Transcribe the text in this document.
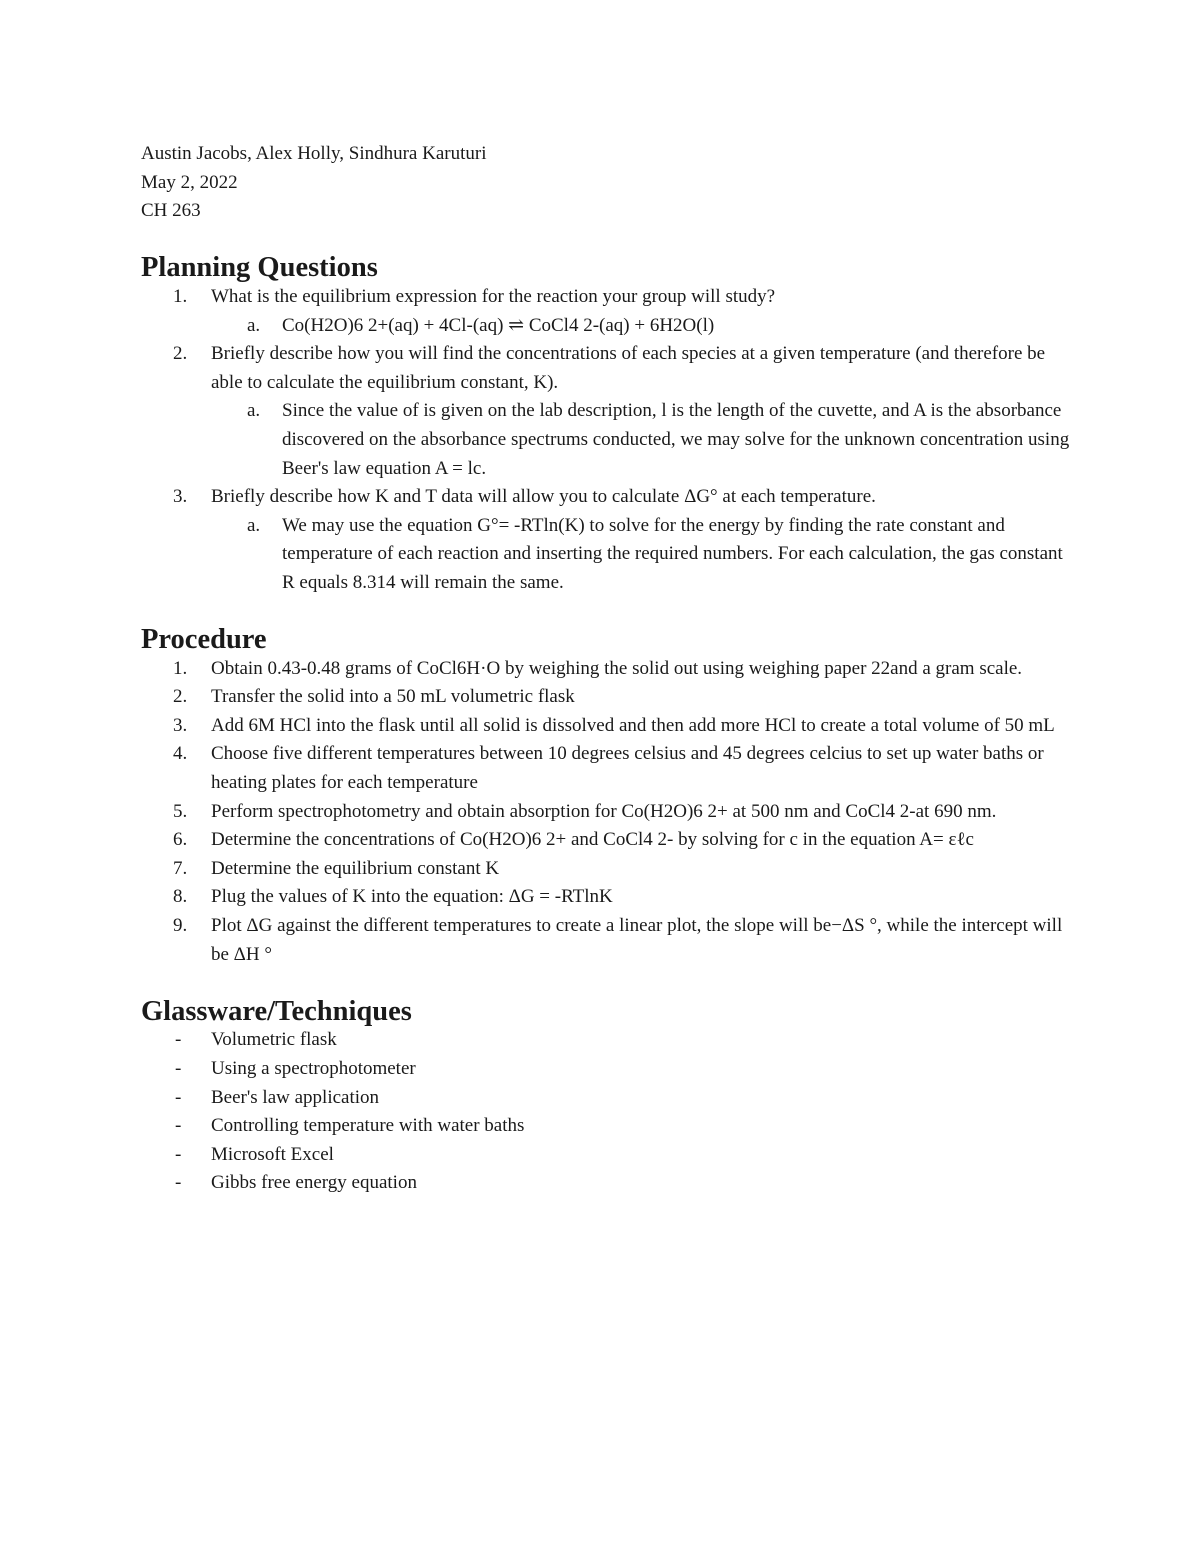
Austin Jacobs, Alex Holly, Sindhura Karuturi

May 2, 2022

CH 263

Planning Questions
1. What is the equilibrium expression for the reaction your group will study?
a. Co(H2O)6 2+(aq) + 4Cl-(aq) ⇌ CoCl4 2-(aq) + 6H2O(l)
2. Briefly describe how you will find the concentrations of each species at a given temperature (and therefore be able to calculate the equilibrium constant, K).
a. Since the value of is given on the lab description, l is the length of the cuvette, and A is the absorbance discovered on the absorbance spectrums conducted, we may solve for the unknown concentration using Beer's law equation A = lc.
3. Briefly describe how K and T data will allow you to calculate ΔG° at each temperature.
a. We may use the equation G°= -RTln(K) to solve for the energy by finding the rate constant and temperature of each reaction and inserting the required numbers. For each calculation, the gas constant R equals 8.314 will remain the same.
Procedure
1. Obtain 0.43-0.48 grams of CoCl6H·O by weighing the solid out using weighing paper 22and a gram scale.
2. Transfer the solid into a 50 mL volumetric flask
3. Add 6M HCl into the flask until all solid is dissolved and then add more HCl to create a total volume of 50 mL
4. Choose five different temperatures between 10 degrees celsius and 45 degrees celcius to set up water baths or heating plates for each temperature
5. Perform spectrophotometry and obtain absorption for Co(H2O)6 2+ at 500 nm and CoCl4 2-at 690 nm.
6. Determine the concentrations of Co(H2O)6 2+ and CoCl4 2- by solving for c in the equation A= εℓc
7. Determine the equilibrium constant K
8. Plug the values of K into the equation: ΔG = -RTlnK
9. Plot ΔG against the different temperatures to create a linear plot, the slope will be−ΔS °, while the intercept will be ΔH °
Glassware/Techniques
- Volumetric flask
- Using a spectrophotometer
- Beer's law application
- Controlling temperature with water baths
- Microsoft Excel
- Gibbs free energy equation
